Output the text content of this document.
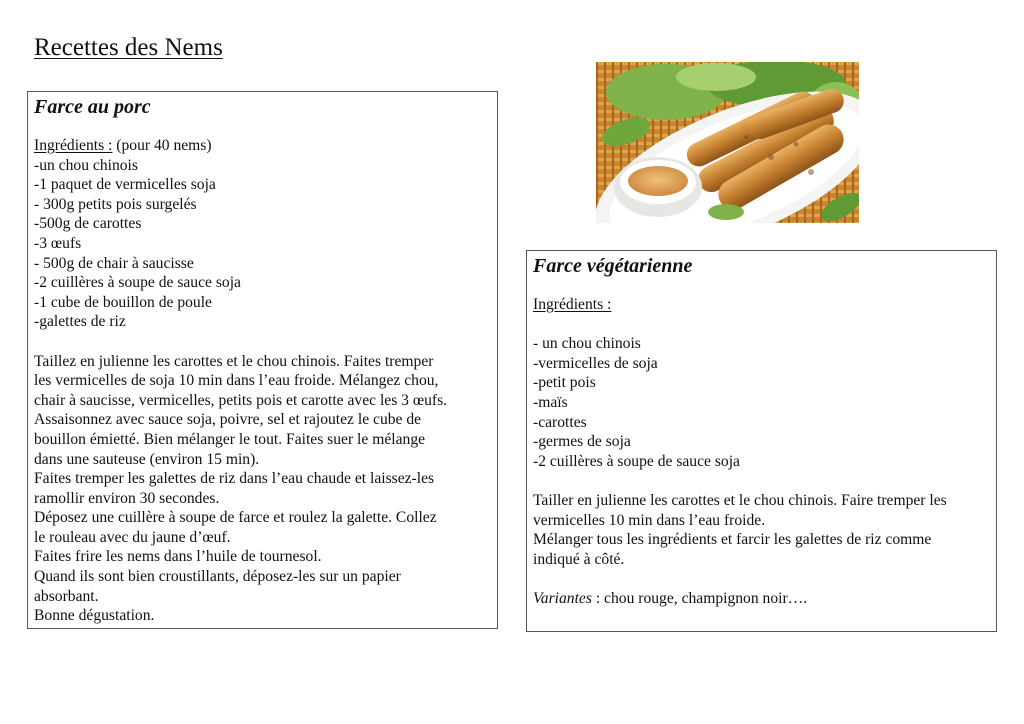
Recettes des Nems
Farce au porc
Ingrédients : (pour 40 nems)
-un chou chinois
-1 paquet de vermicelles soja
- 300g petits pois surgelés
-500g de carottes
-3 œufs
- 500g de chair à saucisse
-2 cuillères à soupe de sauce soja
-1 cube de bouillon de poule
-galettes de riz
Taillez en julienne les carottes et le chou chinois. Faites tremper
les vermicelles de soja 10 min dans l’eau froide. Mélangez chou,
chair à saucisse, vermicelles, petits pois et carotte avec les 3 œufs.
Assaisonnez avec sauce soja, poivre, sel et rajoutez le cube de
bouillon émietté. Bien mélanger le tout. Faites suer le mélange
dans une sauteuse (environ 15 min).
Faites tremper les galettes de riz dans l’eau chaude et laissez-les
ramollir environ 30 secondes.
Déposez une cuillère à soupe de farce et roulez la galette. Collez
le rouleau avec du jaune d’œuf.
Faites frire les nems dans l’huile de tournesol.
Quand ils sont bien croustillants, déposez-les sur un papier
absorbant.
Bonne dégustation.
Farce végétarienne
Ingrédients :
- un chou chinois
-vermicelles de soja
-petit pois
-maïs
-carottes
-germes de soja
-2 cuillères à soupe de sauce soja
Tailler en julienne les carottes et le chou chinois. Faire tremper les
vermicelles 10 min dans l’eau froide.
Mélanger tous les ingrédients et farcir les galettes de riz comme
indiqué à côté.
Variantes : chou rouge, champignon noir….
